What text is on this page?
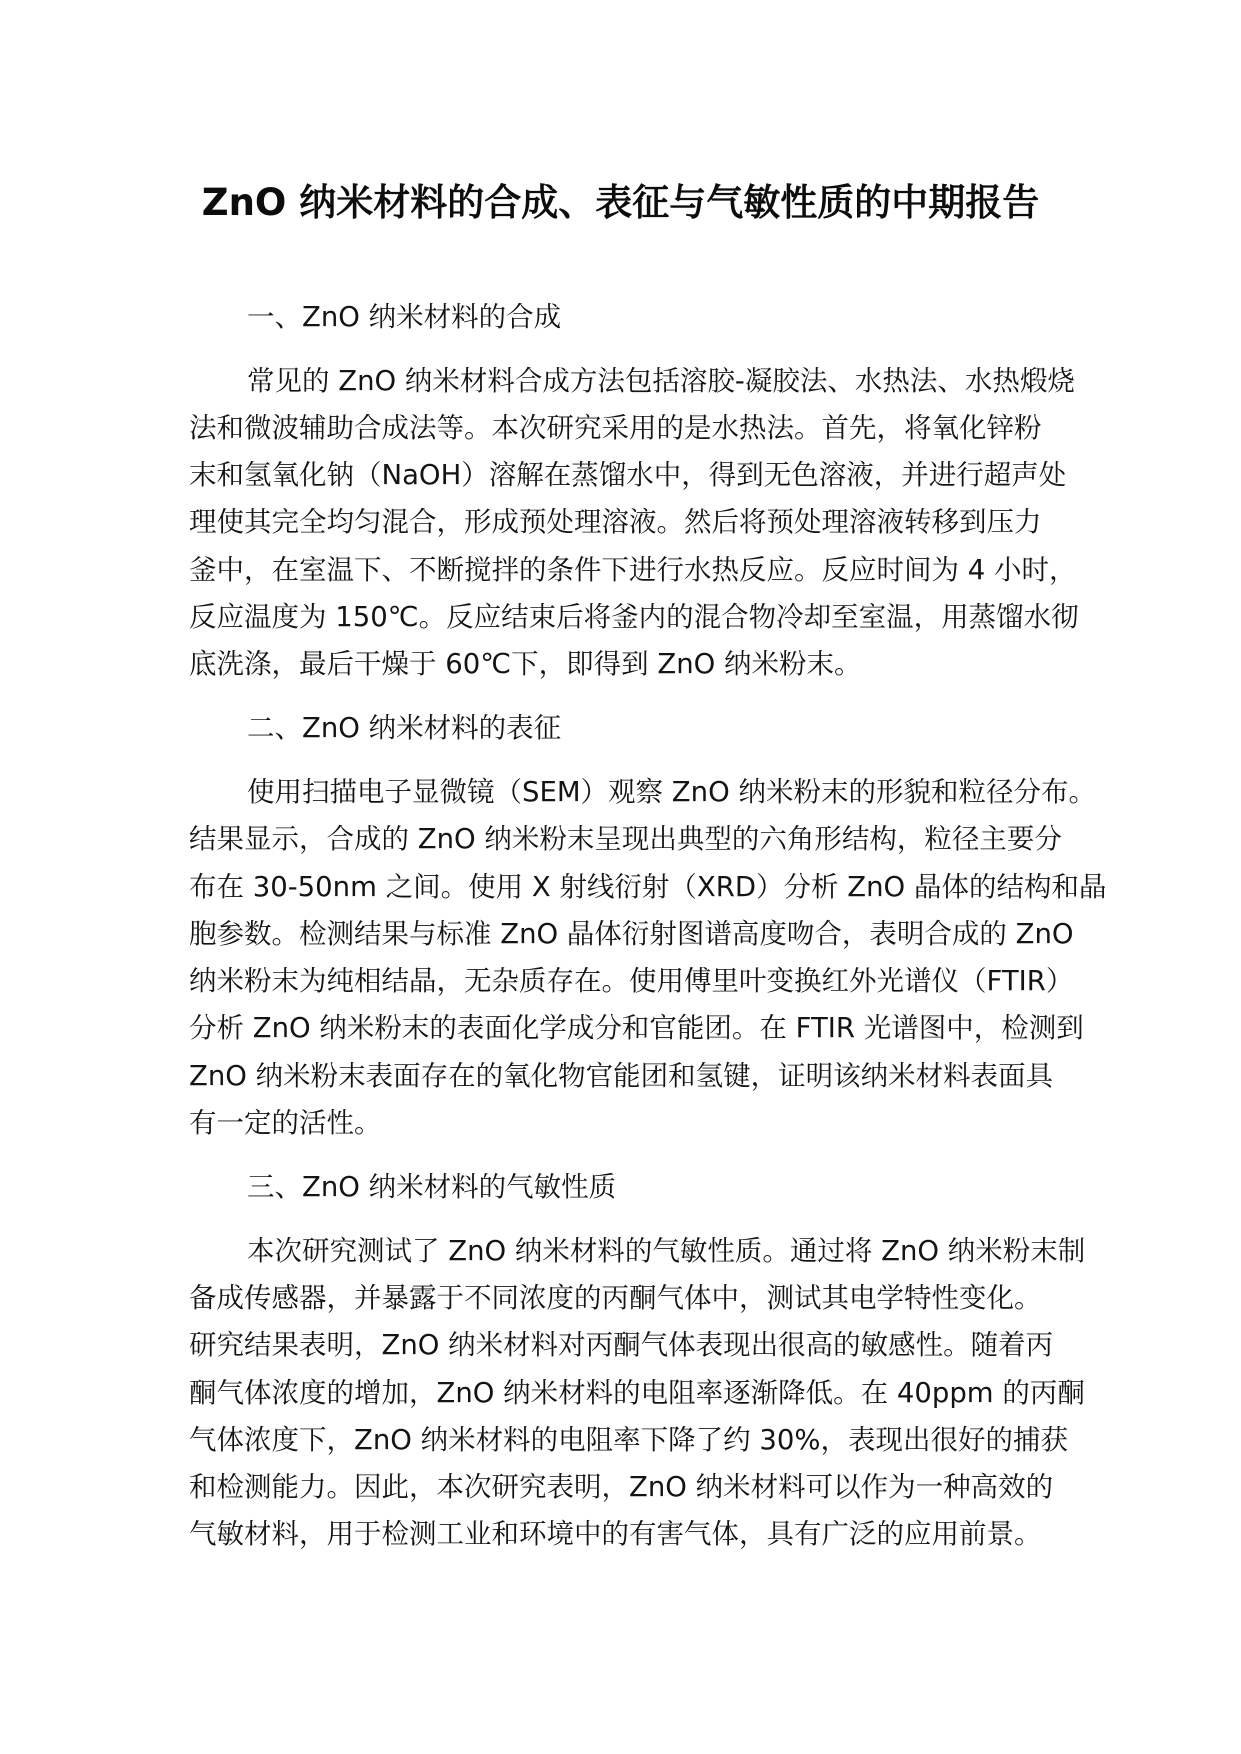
ZnO 纳米材料的合成、表征与气敏性质的中期报告
一、ZnO 纳米材料的合成
常见的 ZnO 纳米材料合成方法包括溶胶-凝胶法、水热法、水热煅烧
法和微波辅助合成法等。本次研究采用的是水热法。首先，将氧化锌粉
末和氢氧化钠（NaOH）溶解在蒸馏水中，得到无色溶液，并进行超声处
理使其完全均匀混合，形成预处理溶液。然后将预处理溶液转移到压力
釜中，在室温下、不断搅拌的条件下进行水热反应。反应时间为 4 小时，
反应温度为 150℃。反应结束后将釜内的混合物冷却至室温，用蒸馏水彻
底洗涤，最后干燥于 60℃下，即得到 ZnO 纳米粉末。
二、ZnO 纳米材料的表征
使用扫描电子显微镜（SEM）观察 ZnO 纳米粉末的形貌和粒径分布。
结果显示，合成的 ZnO 纳米粉末呈现出典型的六角形结构，粒径主要分
布在 30-50nm 之间。使用 X 射线衍射（XRD）分析 ZnO 晶体的结构和晶
胞参数。检测结果与标准 ZnO 晶体衍射图谱高度吻合，表明合成的 ZnO
纳米粉末为纯相结晶，无杂质存在。使用傅里叶变换红外光谱仪（FTIR）
分析 ZnO 纳米粉末的表面化学成分和官能团。在 FTIR 光谱图中，检测到
ZnO 纳米粉末表面存在的氧化物官能团和氢键，证明该纳米材料表面具
有一定的活性。
三、ZnO 纳米材料的气敏性质
本次研究测试了 ZnO 纳米材料的气敏性质。通过将 ZnO 纳米粉末制
备成传感器，并暴露于不同浓度的丙酮气体中，测试其电学特性变化。
研究结果表明，ZnO 纳米材料对丙酮气体表现出很高的敏感性。随着丙
酮气体浓度的增加，ZnO 纳米材料的电阻率逐渐降低。在 40ppm 的丙酮
气体浓度下，ZnO 纳米材料的电阻率下降了约 30%，表现出很好的捕获
和检测能力。因此，本次研究表明，ZnO 纳米材料可以作为一种高效的
气敏材料，用于检测工业和环境中的有害气体，具有广泛的应用前景。
